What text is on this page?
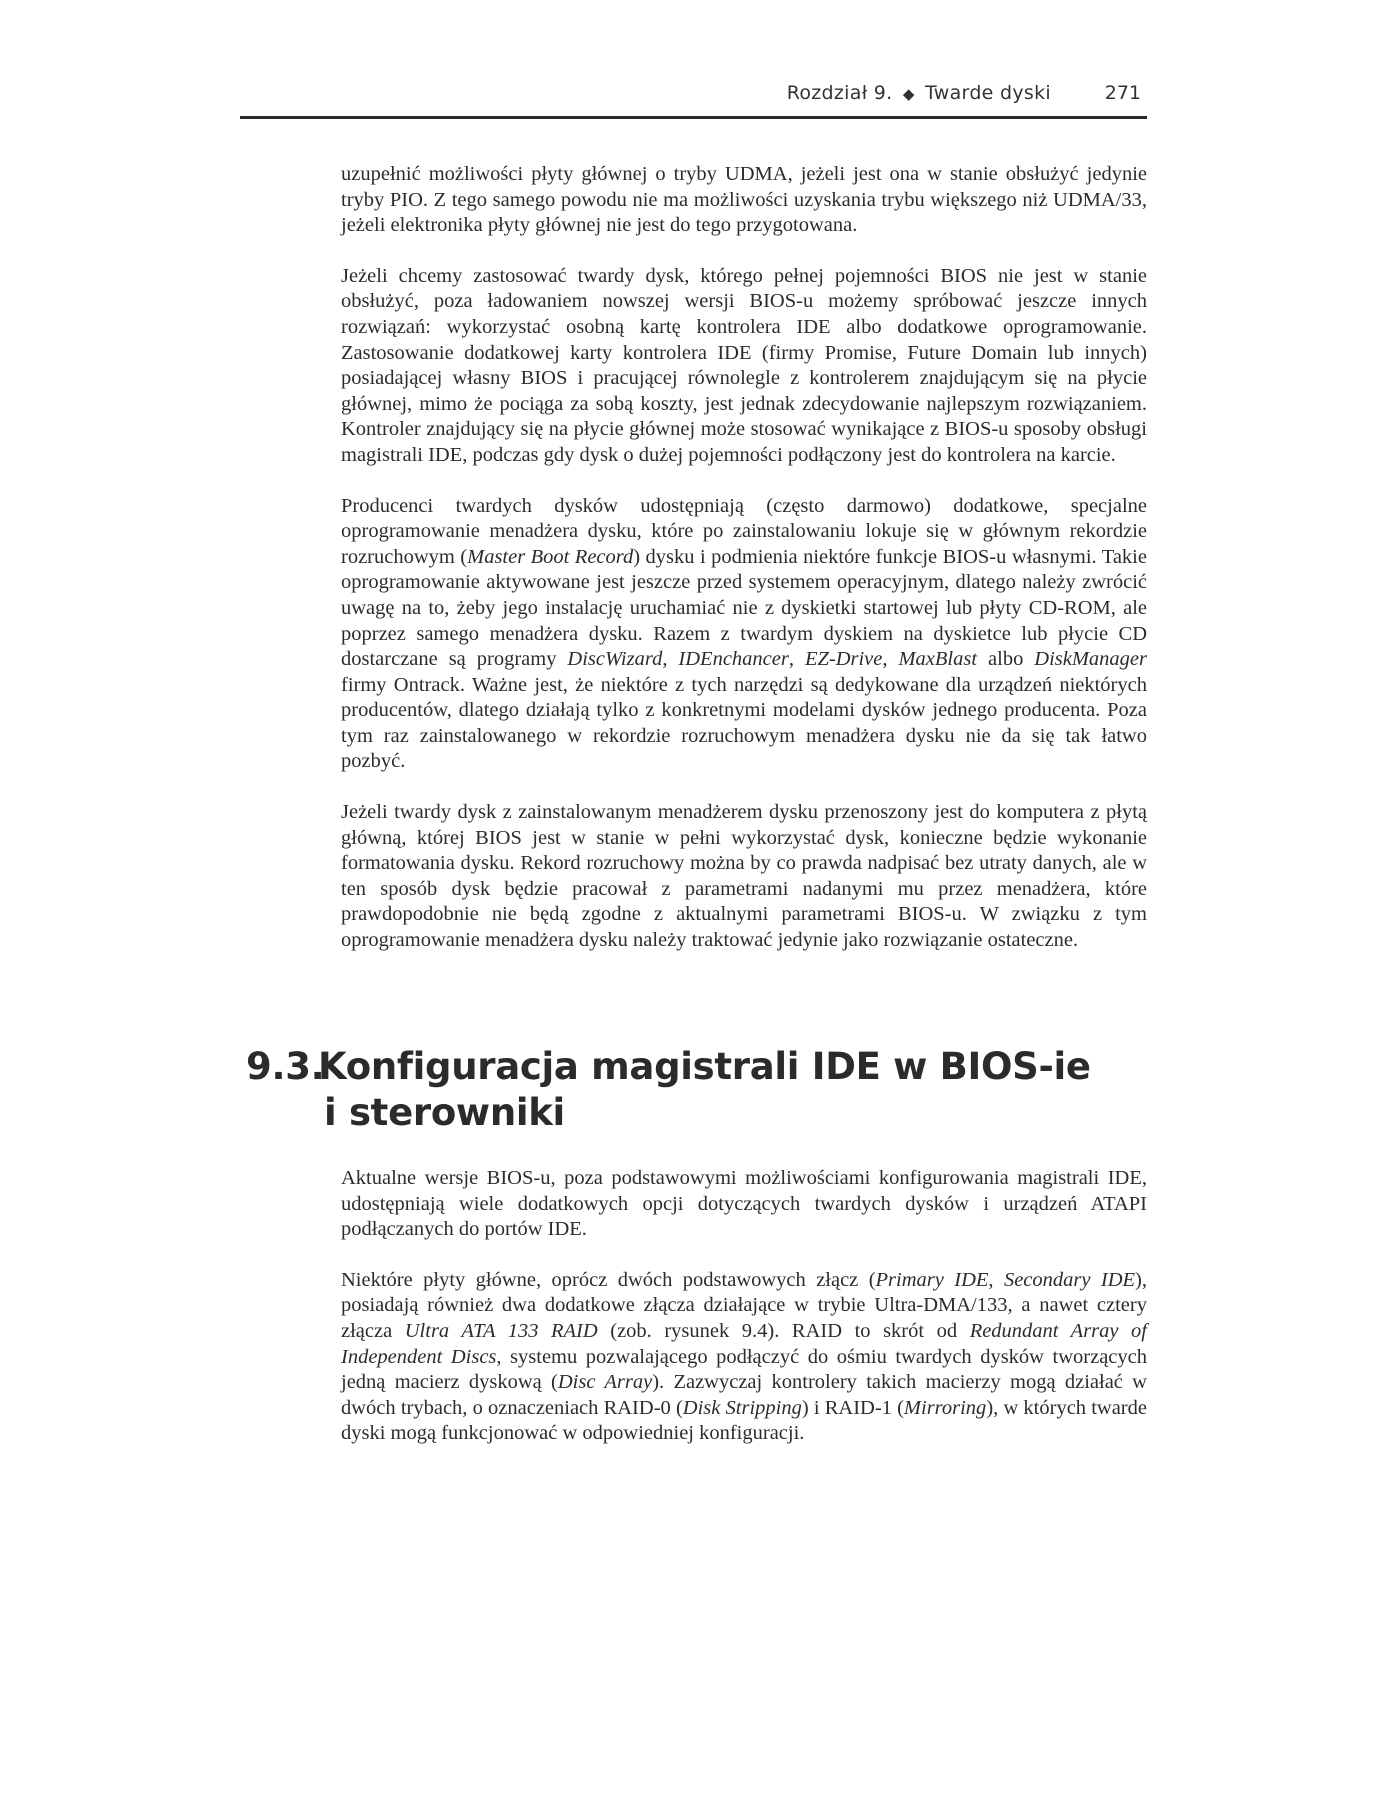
Rozdział 9. ◆ Twarde dyski	271

uzupełnić możliwości płyty głównej o tryby UDMA, jeżeli jest ona w stanie obsłużyć jedynie tryby PIO. Z tego samego powodu nie ma możliwości uzyskania trybu większego niż UDMA/33, jeżeli elektronika płyty głównej nie jest do tego przygotowana.

Jeżeli chcemy zastosować twardy dysk, którego pełnej pojemności BIOS nie jest w stanie obsłużyć, poza ładowaniem nowszej wersji BIOS-u możemy spróbować jeszcze innych rozwiązań: wykorzystać osobną kartę kontrolera IDE albo dodatkowe oprogramowanie. Zastosowanie dodatkowej karty kontrolera IDE (firmy Promise, Future Domain lub innych) posiadającej własny BIOS i pracującej równolegle z kontrolerem znajdującym się na płycie głównej, mimo że pociąga za sobą koszty, jest jednak zdecydowanie najlepszym rozwiązaniem. Kontroler znajdujący się na płycie głównej może stosować wynikające z BIOS-u sposoby obsługi magistrali IDE, podczas gdy dysk o dużej pojemności podłączony jest do kontrolera na karcie.

Producenci twardych dysków udostępniają (często darmowo) dodatkowe, specjalne oprogramowanie menadżera dysku, które po zainstalowaniu lokuje się w głównym rekordzie rozruchowym (Master Boot Record) dysku i podmienia niektóre funkcje BIOS-u własnymi. Takie oprogramowanie aktywowane jest jeszcze przed systemem operacyjnym, dlatego należy zwrócić uwagę na to, żeby jego instalację uruchamiać nie z dyskietki startowej lub płyty CD-ROM, ale poprzez samego menadżera dysku. Razem z twardym dyskiem na dyskietce lub płycie CD dostarczane są programy DiscWizard, IDEnchancer, EZ-Drive, MaxBlast albo DiskManager firmy Ontrack. Ważne jest, że niektóre z tych narzędzi są dedykowane dla urządzeń niektórych producentów, dlatego działają tylko z konkretnymi modelami dysków jednego producenta. Poza tym raz zainstalowanego w rekordzie rozruchowym menadżera dysku nie da się tak łatwo pozbyć.

Jeżeli twardy dysk z zainstalowanym menadżerem dysku przenoszony jest do komputera z płytą główną, której BIOS jest w stanie w pełni wykorzystać dysk, konieczne będzie wykonanie formatowania dysku. Rekord rozruchowy można by co prawda nadpisać bez utraty danych, ale w ten sposób dysk będzie pracował z parametrami nadanymi mu przez menadżera, które prawdopodobnie nie będą zgodne z aktualnymi parametrami BIOS-u. W związku z tym oprogramowanie menadżera dysku należy traktować jedynie jako rozwiązanie ostateczne.

9.3.Konfiguracja magistrali IDE w BIOS-ie
i sterowniki

Aktualne wersje BIOS-u, poza podstawowymi możliwościami konfigurowania magistrali IDE, udostępniają wiele dodatkowych opcji dotyczących twardych dysków i urządzeń ATAPI podłączanych do portów IDE.

Niektóre płyty główne, oprócz dwóch podstawowych złącz (Primary IDE, Secondary IDE), posiadają również dwa dodatkowe złącza działające w trybie Ultra-DMA/133, a nawet cztery złącza Ultra ATA 133 RAID (zob. rysunek 9.4). RAID to skrót od Redundant Array of Independent Discs, systemu pozwalającego podłączyć do ośmiu twardych dysków tworzących jedną macierz dyskową (Disc Array). Zazwyczaj kontrolery takich macierzy mogą działać w dwóch trybach, o oznaczeniach RAID-0 (Disk Stripping) i RAID-1 (Mirroring), w których twarde dyski mogą funkcjonować w odpowiedniej konfiguracji.
